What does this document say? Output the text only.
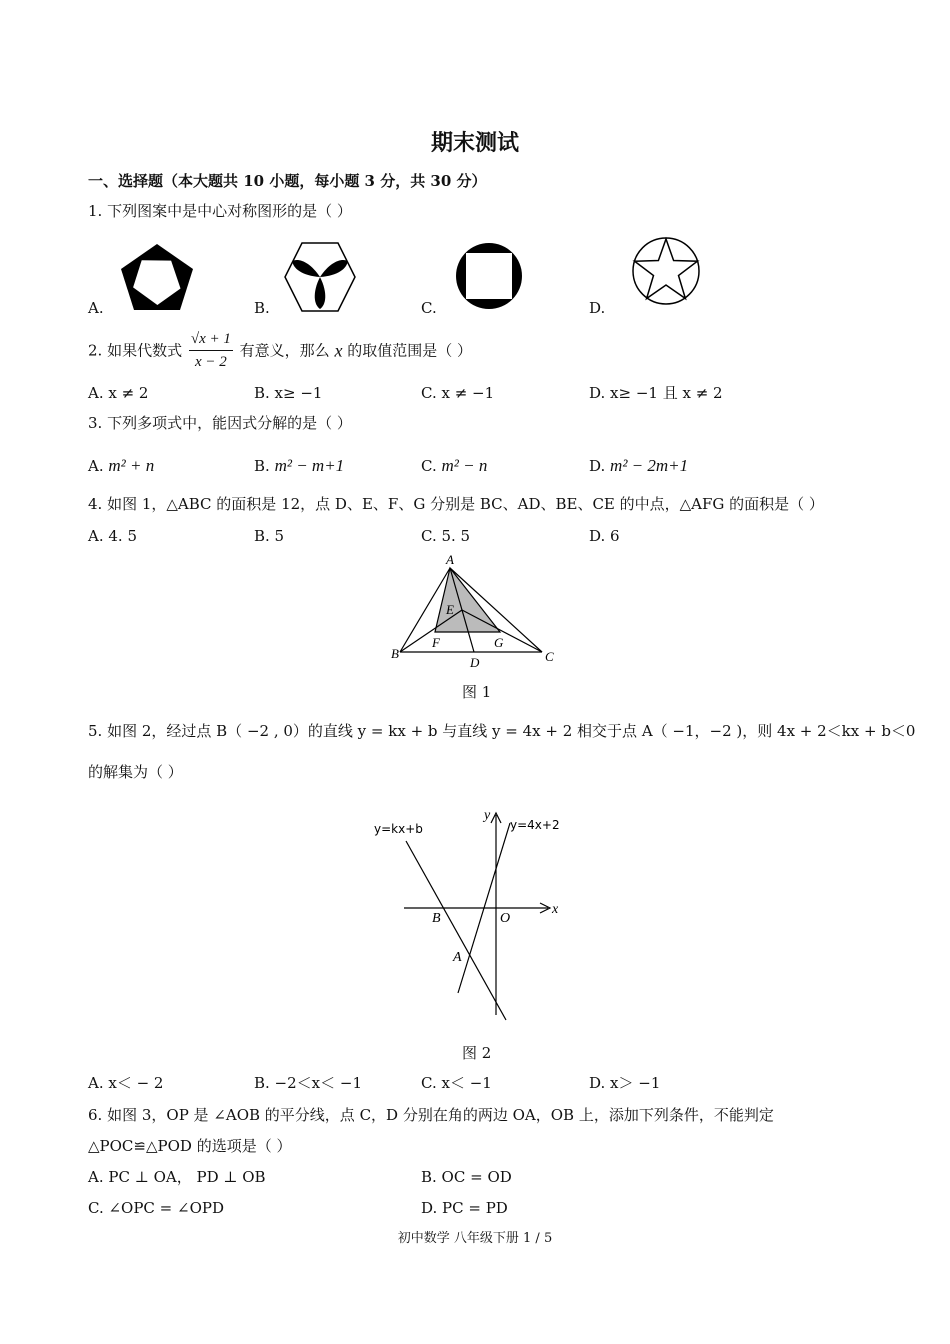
期末测试
一、选择题（本大题共 10 小题，每小题 3 分，共 30 分）
1. 下列图案中是中心对称图形的是（ ）
A.	B.	C.	D.
2. 如果代数式 $\frac{√x + 1}{x - 2}$ 有意义，那么 x 的取值范围是（ ）
A. x ≠ 2	B. x≥ −1	C. x ≠ −1	D. x≥ −1 且 x ≠ 2
3. 下列多项式中，能因式分解的是（ ）
A. m² + n	B. m² − m+1	C. m² − n	D. m² − 2m+1
4. 如图 1，△ABC 的面积是 12，点 D、E、F、G 分别是 BC、AD、BE、CE 的中点，△AFG 的面积是（ ）
A. 4. 5	B. 5	C. 5. 5	D. 6
A
B	C
D
E
F	G
图 1
5. 如图 2，经过点 B（ −2 , 0）的直线 y = kx + b 与直线 y = 4x + 2 相交于点 A（ −1，−2 )，则 4x + 2＜kx + b＜0
的解集为（ ）
y=kx+b	y=4x+2
x
y
O
B
A
图 2
A. x＜ − 2	B. −2＜x＜ −1	C. x＜ −1	D. x＞ −1
6. 如图 3，OP 是 ∠AOB 的平分线，点 C，D 分别在角的两边 OA，OB 上，添加下列条件，不能判定
△POC≌△POD 的选项是（ ）
A. PC ⊥ OA， PD ⊥ OB	B. OC = OD
C. ∠OPC = ∠OPD	D. PC = PD
初中数学 八年级下册 1 / 5
